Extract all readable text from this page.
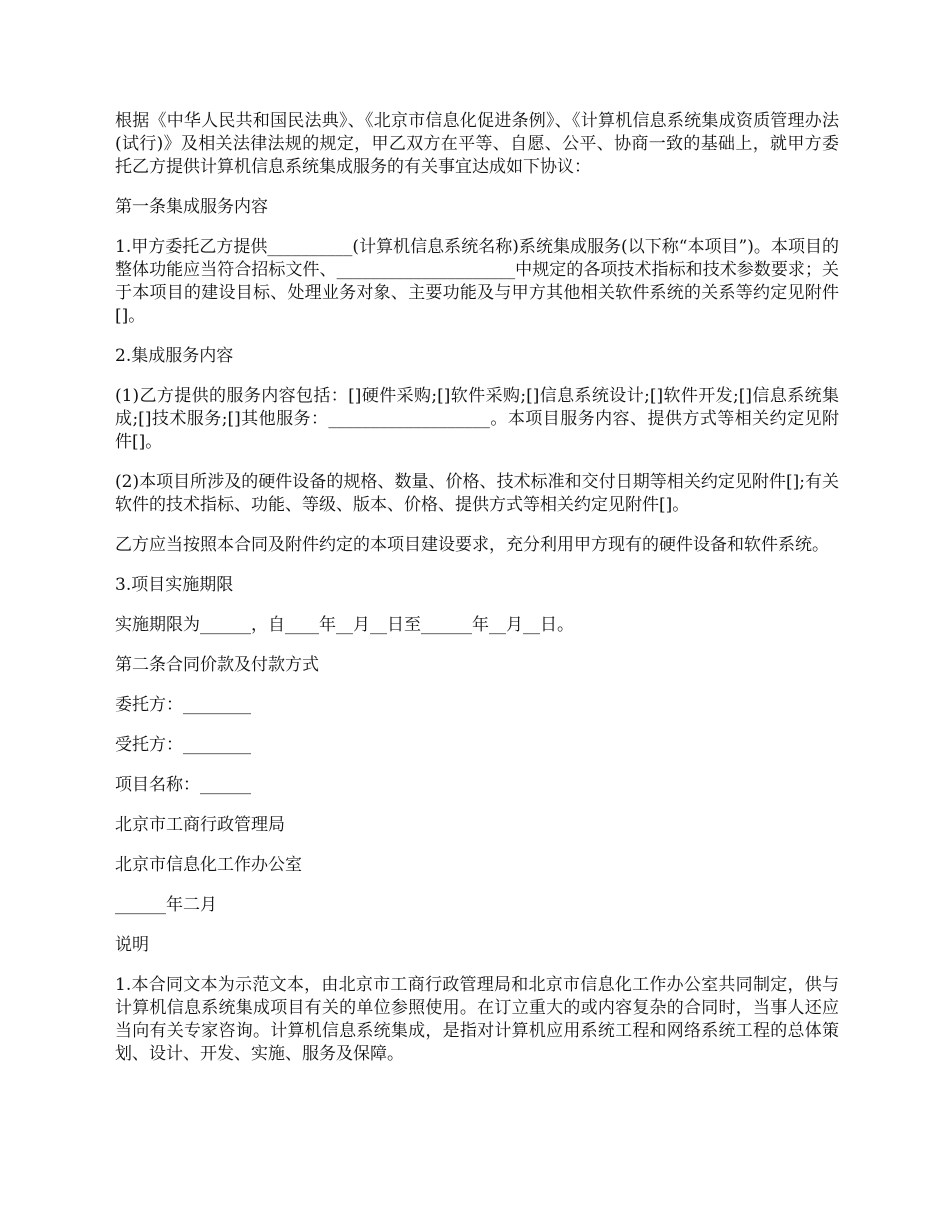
根据《中华人民共和国民法典》、《北京市信息化促进条例》、《计算机信息系统集成资质管理办法(试行)》及相关法律法规的规定，甲乙双方在平等、自愿、公平、协商一致的基础上，就甲方委托乙方提供计算机信息系统集成服务的有关事宜达成如下协议：

第一条集成服务内容

1.甲方委托乙方提供__________(计算机信息系统名称)系统集成服务(以下称“本项目”)。本项目的整体功能应当符合招标文件、_____________________中规定的各项技术指标和技术参数要求；关于本项目的建设目标、处理业务对象、主要功能及与甲方其他相关软件系统的关系等约定见附件[]。

2.集成服务内容

(1)乙方提供的服务内容包括：[]硬件采购;[]软件采购;[]信息系统设计;[]软件开发;[]信息系统集成;[]技术服务;[]其他服务：___________________。本项目服务内容、提供方式等相关约定见附件[]。

(2)本项目所涉及的硬件设备的规格、数量、价格、技术标准和交付日期等相关约定见附件[];有关软件的技术指标、功能、等级、版本、价格、提供方式等相关约定见附件[]。

乙方应当按照本合同及附件约定的本项目建设要求，充分利用甲方现有的硬件设备和软件系统。

3.项目实施期限

实施期限为______，自____年__月__日至______年__月__日。

第二条合同价款及付款方式

委托方：________

受托方：________

项目名称：______

北京市工商行政管理局

北京市信息化工作办公室

______年二月

说明

1.本合同文本为示范文本，由北京市工商行政管理局和北京市信息化工作办公室共同制定，供与计算机信息系统集成项目有关的单位参照使用。在订立重大的或内容复杂的合同时，当事人还应当向有关专家咨询。计算机信息系统集成，是指对计算机应用系统工程和网络系统工程的总体策划、设计、开发、实施、服务及保障。
